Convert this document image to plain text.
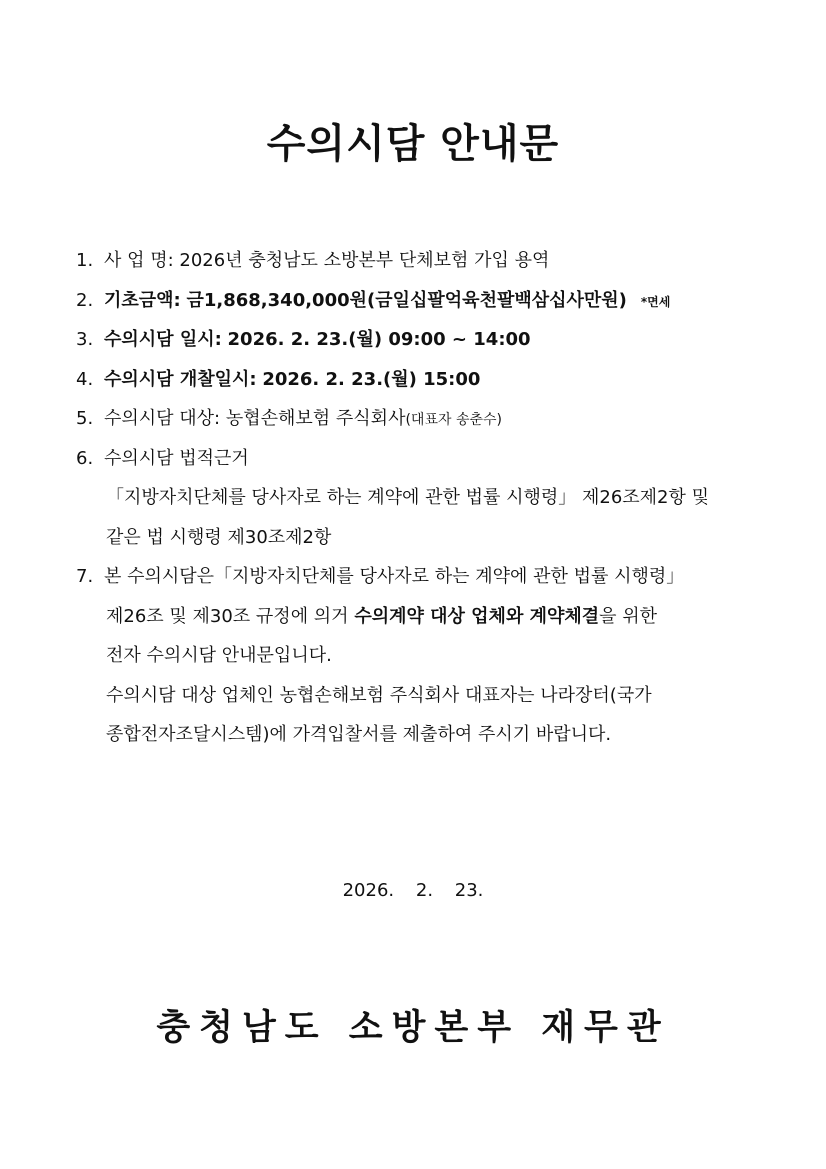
수의시담 안내문
1. 사 업 명: 2026년 충청남도 소방본부 단체보험 가입 용역
2. 기초금액: 금1,868,340,000원(금일십팔억육천팔백삼십사만원) *면세
3. 수의시담 일시: 2026. 2. 23.(월) 09:00 ~ 14:00
4. 수의시담 개찰일시: 2026. 2. 23.(월) 15:00
5. 수의시담 대상: 농협손해보험 주식회사(대표자 송춘수)
6. 수의시담 법적근거
「지방자치단체를 당사자로 하는 계약에 관한 법률 시행령」 제26조제2항 및
같은 법 시행령 제30조제2항
7. 본 수의시담은「지방자치단체를 당사자로 하는 계약에 관한 법률 시행령」
제26조 및 제30조 규정에 의거 수의계약 대상 업체와 계약체결을 위한
전자 수의시담 안내문입니다.
수의시담 대상 업체인 농협손해보험 주식회사 대표자는 나라장터(국가
종합전자조달시스템)에 가격입찰서를 제출하여 주시기 바랍니다.
2026. 2. 23.
충청남도 소방본부 재무관
